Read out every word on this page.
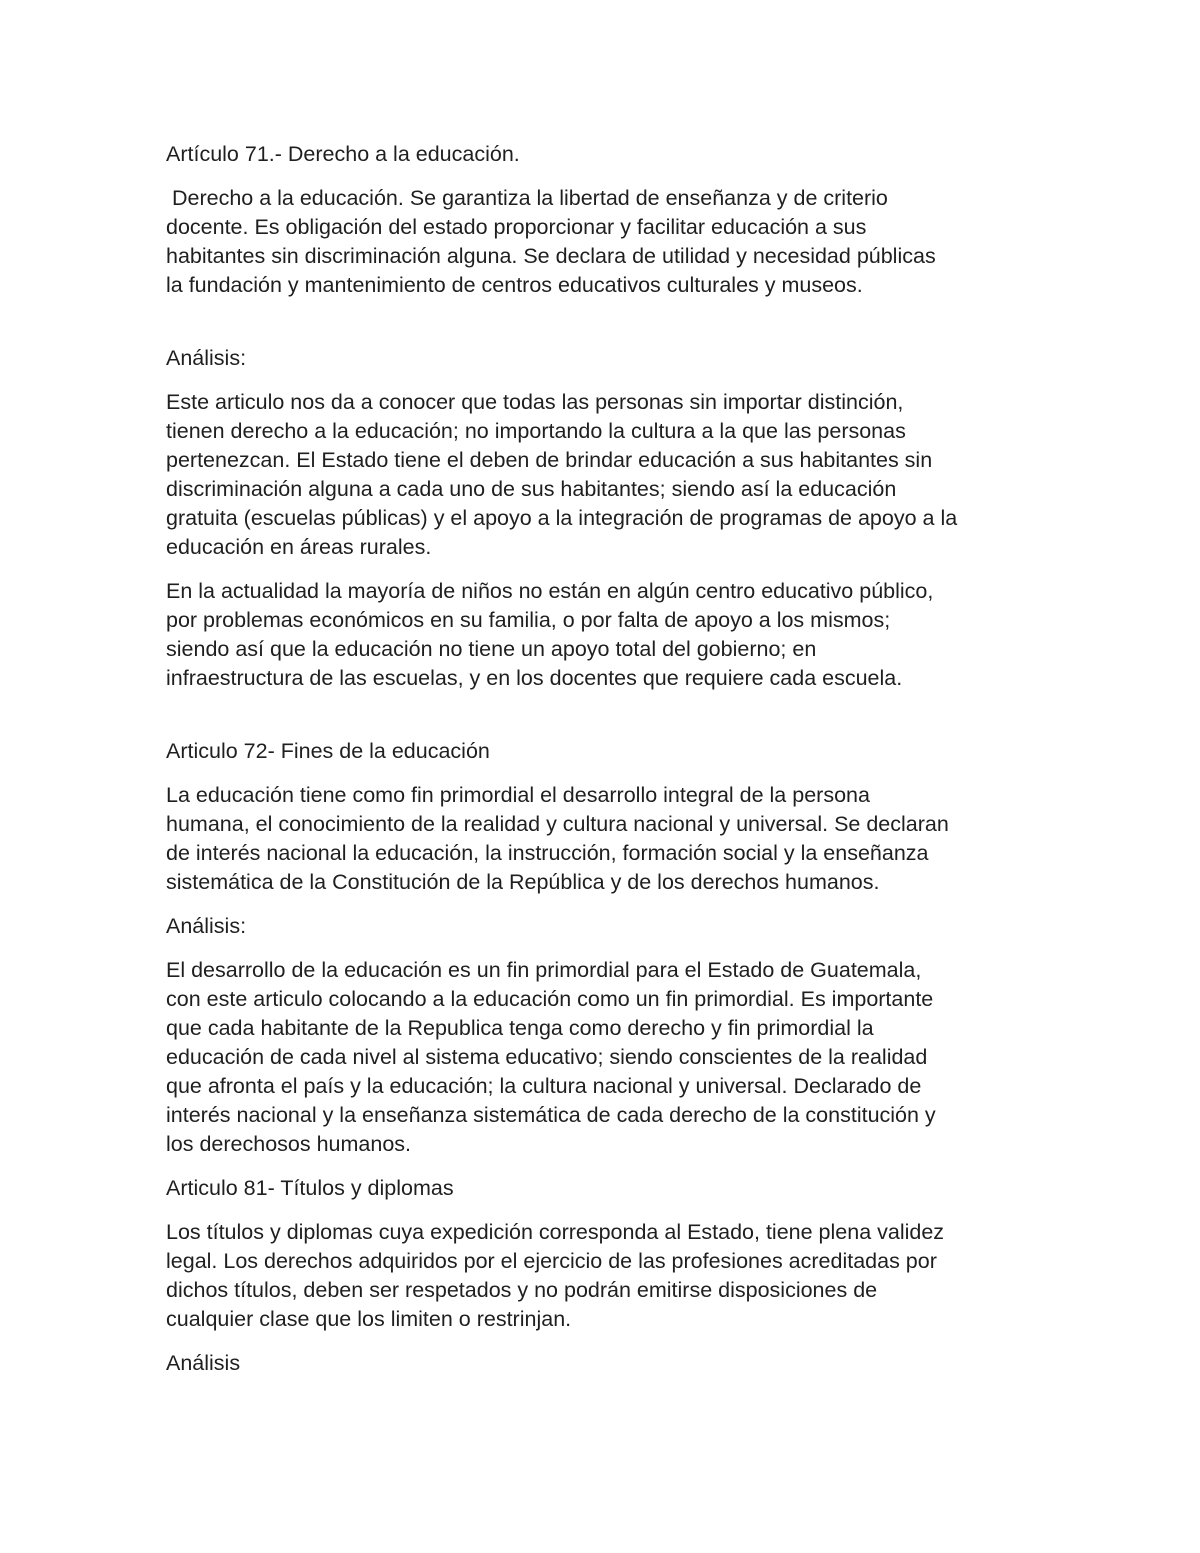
Artículo 71.- Derecho a la educación.
Derecho a la educación. Se garantiza la libertad de enseñanza y de criterio
docente. Es obligación del estado proporcionar y facilitar educación a sus
habitantes sin discriminación alguna. Se declara de utilidad y necesidad públicas
la fundación y mantenimiento de centros educativos culturales y museos.
Análisis:
Este articulo nos da a conocer que todas las personas sin importar distinción,
tienen derecho a la educación; no importando la cultura a la que las personas
pertenezcan. El Estado tiene el deben de brindar educación a sus habitantes sin
discriminación alguna a cada uno de sus habitantes; siendo así la educación
gratuita (escuelas públicas) y el apoyo a la integración de programas de apoyo a la
educación en áreas rurales.
En la actualidad la mayoría de niños no están en algún centro educativo público,
por problemas económicos en su familia, o por falta de apoyo a los mismos;
siendo así que la educación no tiene un apoyo total del gobierno; en
infraestructura de las escuelas, y en los docentes que requiere cada escuela.
Articulo 72- Fines de la educación
La educación tiene como fin primordial el desarrollo integral de la persona
humana, el conocimiento de la realidad y cultura nacional y universal. Se declaran
de interés nacional la educación, la instrucción, formación social y la enseñanza
sistemática de la Constitución de la República y de los derechos humanos.
Análisis:
El desarrollo de la educación es un fin primordial para el Estado de Guatemala,
con este articulo colocando a la educación como un fin primordial. Es importante
que cada habitante de la Republica tenga como derecho y fin primordial la
educación de cada nivel al sistema educativo; siendo conscientes de la realidad
que afronta el país y la educación; la cultura nacional y universal. Declarado de
interés nacional y la enseñanza sistemática de cada derecho de la constitución y
los derechosos humanos.
Articulo 81- Títulos y diplomas
Los títulos y diplomas cuya expedición corresponda al Estado, tiene plena validez
legal. Los derechos adquiridos por el ejercicio de las profesiones acreditadas por
dichos títulos, deben ser respetados y no podrán emitirse disposiciones de
cualquier clase que los limiten o restrinjan.
Análisis
